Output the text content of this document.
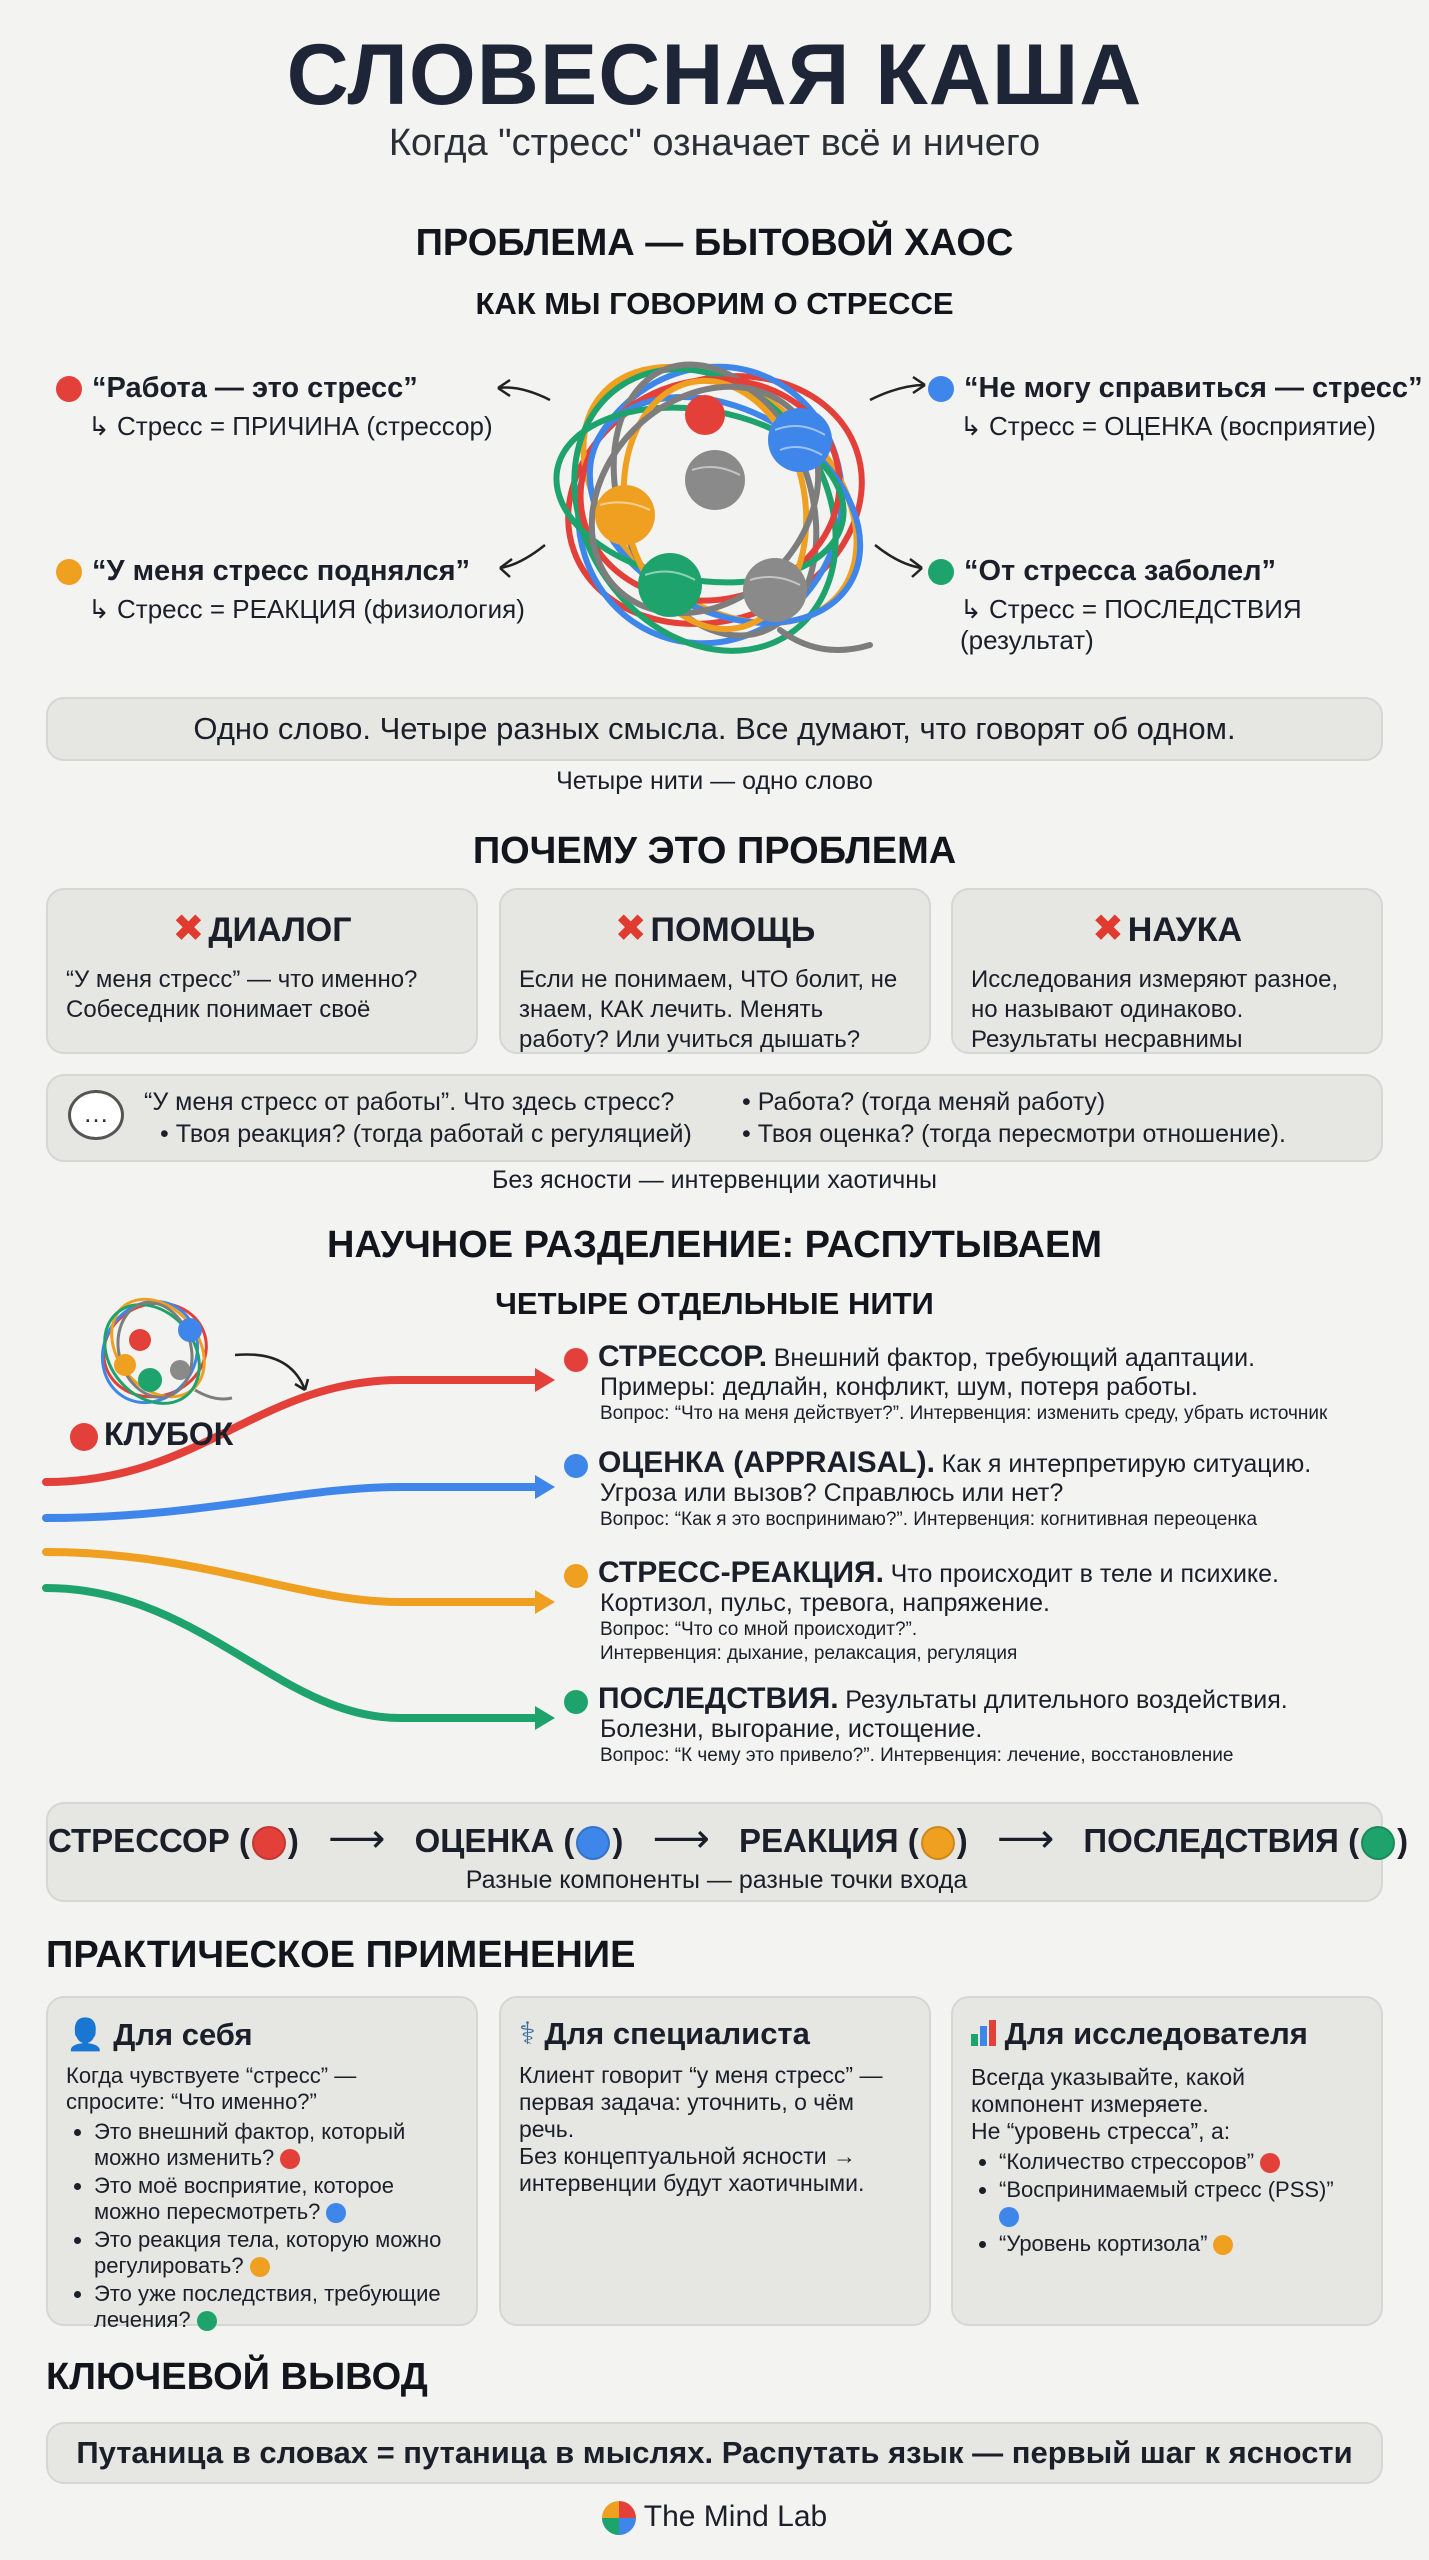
СЛОВЕСНАЯ КАША
Когда "стресс" означает всё и ничего
ПРОБЛЕМА — БЫТОВОЙ ХАОС
КАК МЫ ГОВОРИМ О СТРЕССЕ
“Работа — это стресс”
↳ Стресс = ПРИЧИНА (стрессор)
“Не могу справиться — стресс”
↳ Стресс = ОЦЕНКА (восприятие)
“У меня стресс поднялся”
↳ Стресс = РЕАКЦИЯ (физиология)
“От стресса заболел”
↳ Стресс = ПОСЛЕДСТВИЯ
(результат)
Одно слово. Четыре разных смысла. Все думают, что говорят об одном.
Четыре нити — одно слово
ПОЧЕМУ ЭТО ПРОБЛЕМА
✖ ДИАЛОГ
“У меня стресс” — что именно? Собеседник понимает своё
✖ ПОМОЩЬ
Если не понимаем, ЧТО болит, не знаем, КАК лечить. Менять работу? Или учиться дышать?
✖ НАУКА
Исследования измеряют разное, но называют одинаково. Результаты несравнимы
…	“У меня стресс от работы”. Что здесь стресс?
• Твоя реакция? (тогда работай с регуляцией)
• Работа? (тогда меняй работу)
• Твоя оценка? (тогда пересмотри отношение).
Без ясности — интервенции хаотичны
НАУЧНОЕ РАЗДЕЛЕНИЕ: РАСПУТЫВАЕМ
ЧЕТЫРЕ ОТДЕЛЬНЫЕ НИТИ
КЛУБОК
СТРЕССОР. Внешний фактор, требующий адаптации.
Примеры: дедлайн, конфликт, шум, потеря работы.
Вопрос: “Что на меня действует?”. Интервенция: изменить среду, убрать источник
ОЦЕНКА (APPRAISAL). Как я интерпретирую ситуацию.
Угроза или вызов? Справлюсь или нет?
Вопрос: “Как я это воспринимаю?”. Интервенция: когнитивная переоценка
СТРЕСС-РЕАКЦИЯ. Что происходит в теле и психике.
Кортизол, пульс, тревога, напряжение.
Вопрос: “Что со мной происходит?”.
Интервенция: дыхание, релаксация, регуляция
ПОСЛЕДСТВИЯ. Результаты длительного воздействия.
Болезни, выгорание, истощение.
Вопрос: “К чему это привело?”. Интервенция: лечение, восстановление
СТРЕССОР ( ) ⟶ ОЦЕНКА ( ) ⟶ РЕАКЦИЯ ( ) ⟶ ПОСЛЕДСТВИЯ ( )
Разные компоненты — разные точки входа
ПРАКТИЧЕСКОЕ ПРИМЕНЕНИЕ
👤 Для себя
Когда чувствуете “стресс” — спросите: “Что именно?”
• Это внешний фактор, который можно изменить?
• Это моё восприятие, которое можно пересмотреть?
• Это реакция тела, которую можно регулировать?
• Это уже последствия, требующие лечения?
⚕ Для специалиста
Клиент говорит “у меня стресс” — первая задача: уточнить, о чём речь.
Без концептуальной ясности → интервенции будут хаотичными.
Для исследователя
Всегда указывайте, какой компонент измеряете.
Не “уровень стресса”, а:
• “Количество стрессоров”
• “Воспринимаемый стресс (PSS)”

• “Уровень кортизола”
КЛЮЧЕВОЙ ВЫВОД
Путаница в словах = путаница в мыслях. Распутать язык — первый шаг к ясности
The Mind Lab
